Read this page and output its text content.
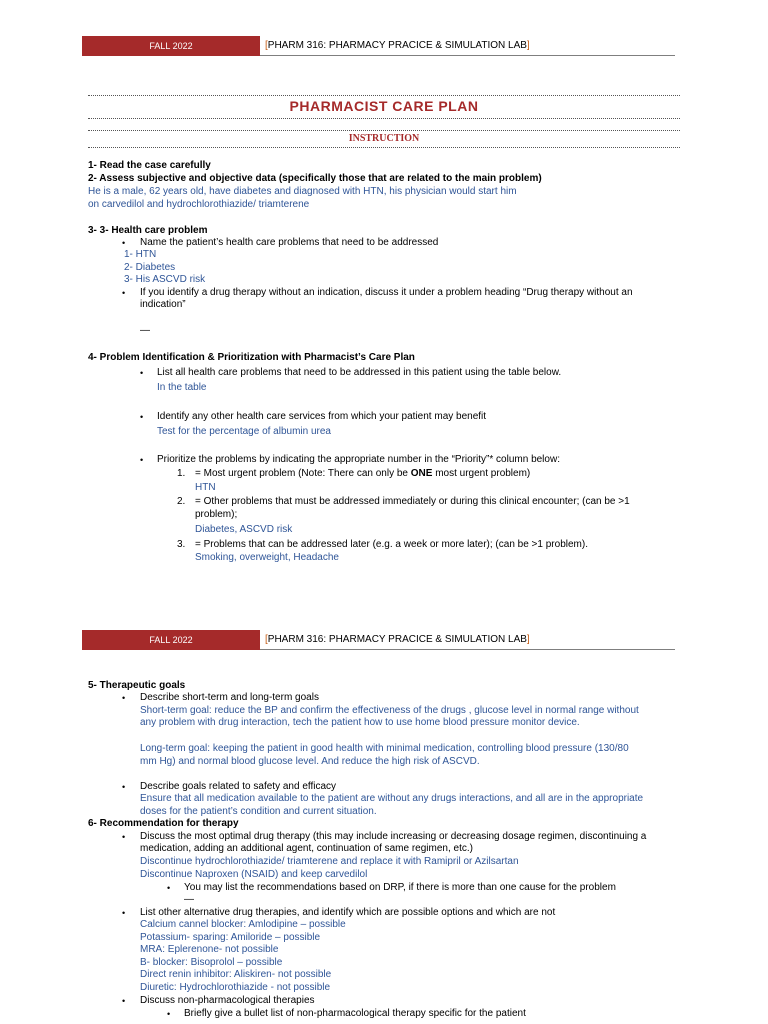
FALL 2022	[PHARM 316: PHARMACY PRACICE & SIMULATION LAB]
PHARMACIST CARE PLAN
INSTRUCTION
1- Read the case carefully
2- Assess subjective and objective data (specifically those that are related to the main problem)
He is a male, 62 years old, have diabetes and diagnosed with HTN, his physician would start him
on carvedilol and hydrochlorothiazide/ triamterene
3- 3- Health care problem
• Name the patient’s health care problems that need to be addressed
1- HTN
2- Diabetes
3- His ASCVD risk
• If you identify a drug therapy without an indication, discuss it under a problem heading “Drug therapy without an
indication”
—
4- Problem Identification & Prioritization with Pharmacist’s Care Plan
• List all health care problems that need to be addressed in this patient using the table below.
In the table
• Identify any other health care services from which your patient may benefit
Test for the percentage of albumin urea
• Prioritize the problems by indicating the appropriate number in the “Priority”* column below:
1. = Most urgent problem (Note: There can only be ONE most urgent problem)
HTN
2. = Other problems that must be addressed immediately or during this clinical encounter; (can be >1
problem);
Diabetes, ASCVD risk
3. = Problems that can be addressed later (e.g. a week or more later); (can be >1 problem).
Smoking, overweight, Headache
FALL 2022	[PHARM 316: PHARMACY PRACICE & SIMULATION LAB]
5- Therapeutic goals
• Describe short-term and long-term goals
Short-term goal: reduce the BP and confirm the effectiveness of the drugs , glucose level in normal range without
any problem with drug interaction, tech the patient how to use home blood pressure monitor device.
Long-term goal: keeping the patient in good health with minimal medication, controlling blood pressure (130/80
mm Hg) and normal blood glucose level. And reduce the high risk of ASCVD.
• Describe goals related to safety and efficacy
Ensure that all medication available to the patient are without any drugs interactions, and all are in the appropriate
doses for the patient’s condition and current situation.
6- Recommendation for therapy
• Discuss the most optimal drug therapy (this may include increasing or decreasing dosage regimen, discontinuing a
medication, adding an additional agent, continuation of same regimen, etc.)
Discontinue hydrochlorothiazide/ triamterene and replace it with Ramipril or Azilsartan
Discontinue Naproxen (NSAID) and keep carvedilol
• You may list the recommendations based on DRP, if there is more than one cause for the problem
—
• List other alternative drug therapies, and identify which are possible options and which are not
Calcium cannel blocker: Amlodipine – possible
Potassium- sparing: Amiloride – possible
MRA: Eplerenone- not possible
B- blocker: Bisoprolol – possible
Direct renin inhibitor: Aliskiren- not possible
Diuretic: Hydrochlorothiazide - not possible
• Discuss non-pharmacological therapies
• Briefly give a bullet list of non-pharmacological therapy specific for the patient
